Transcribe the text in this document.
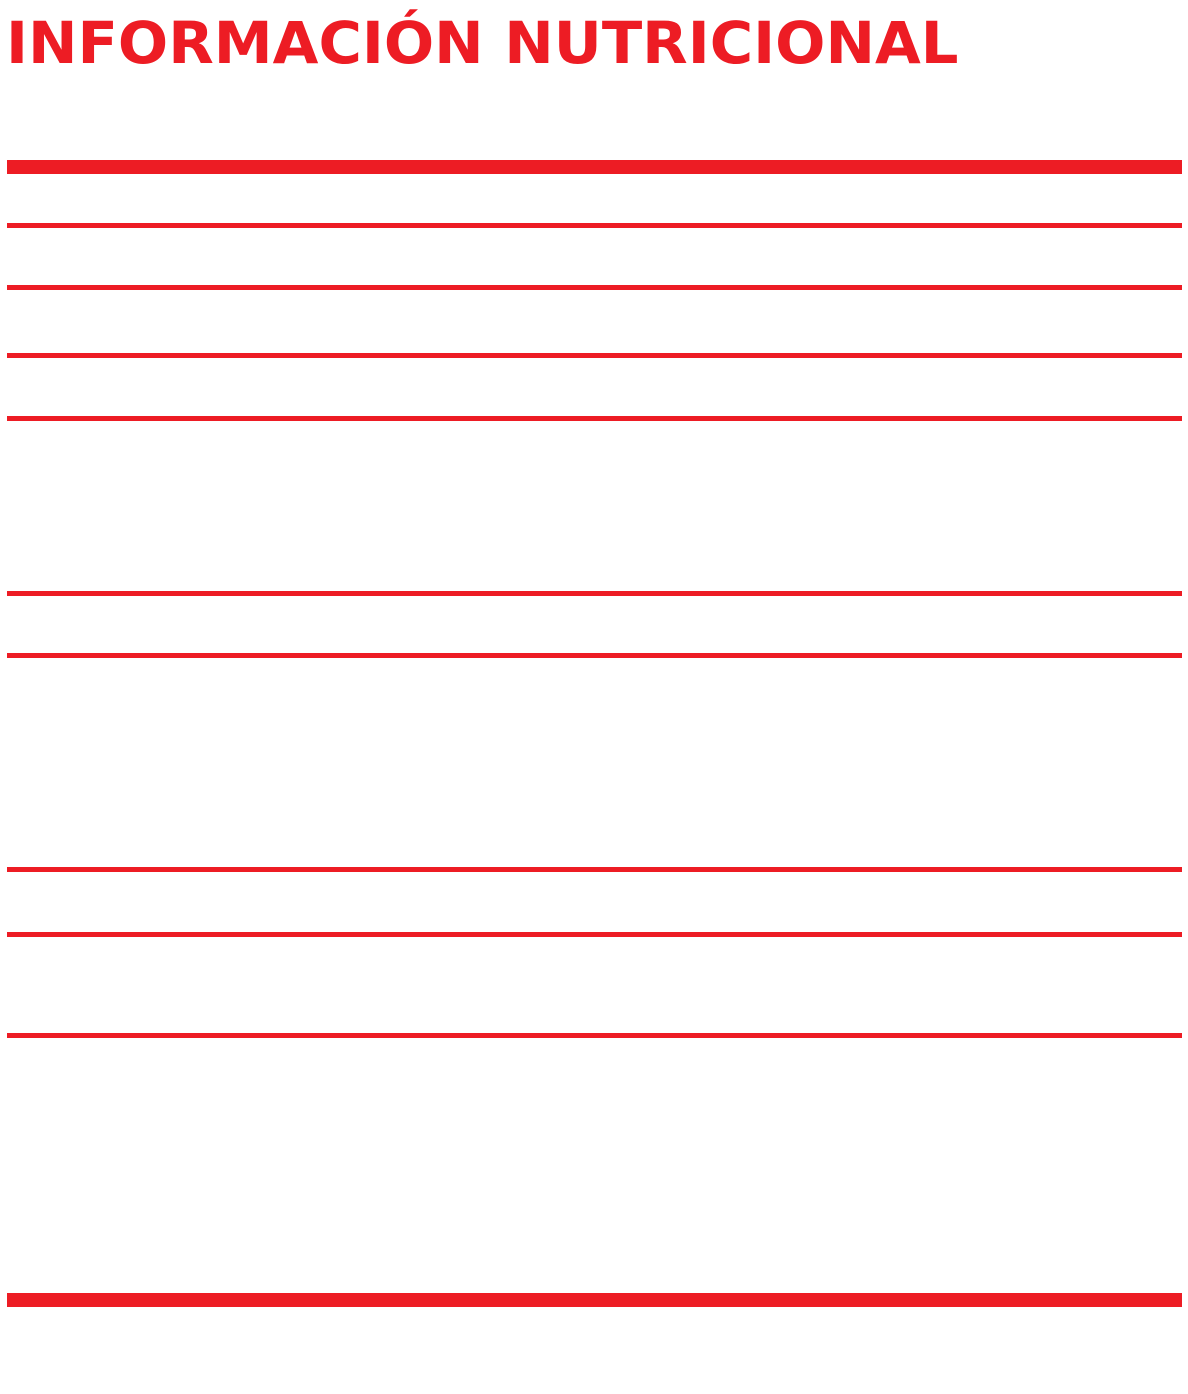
INFORMACIÓN NUTRICIONAL
